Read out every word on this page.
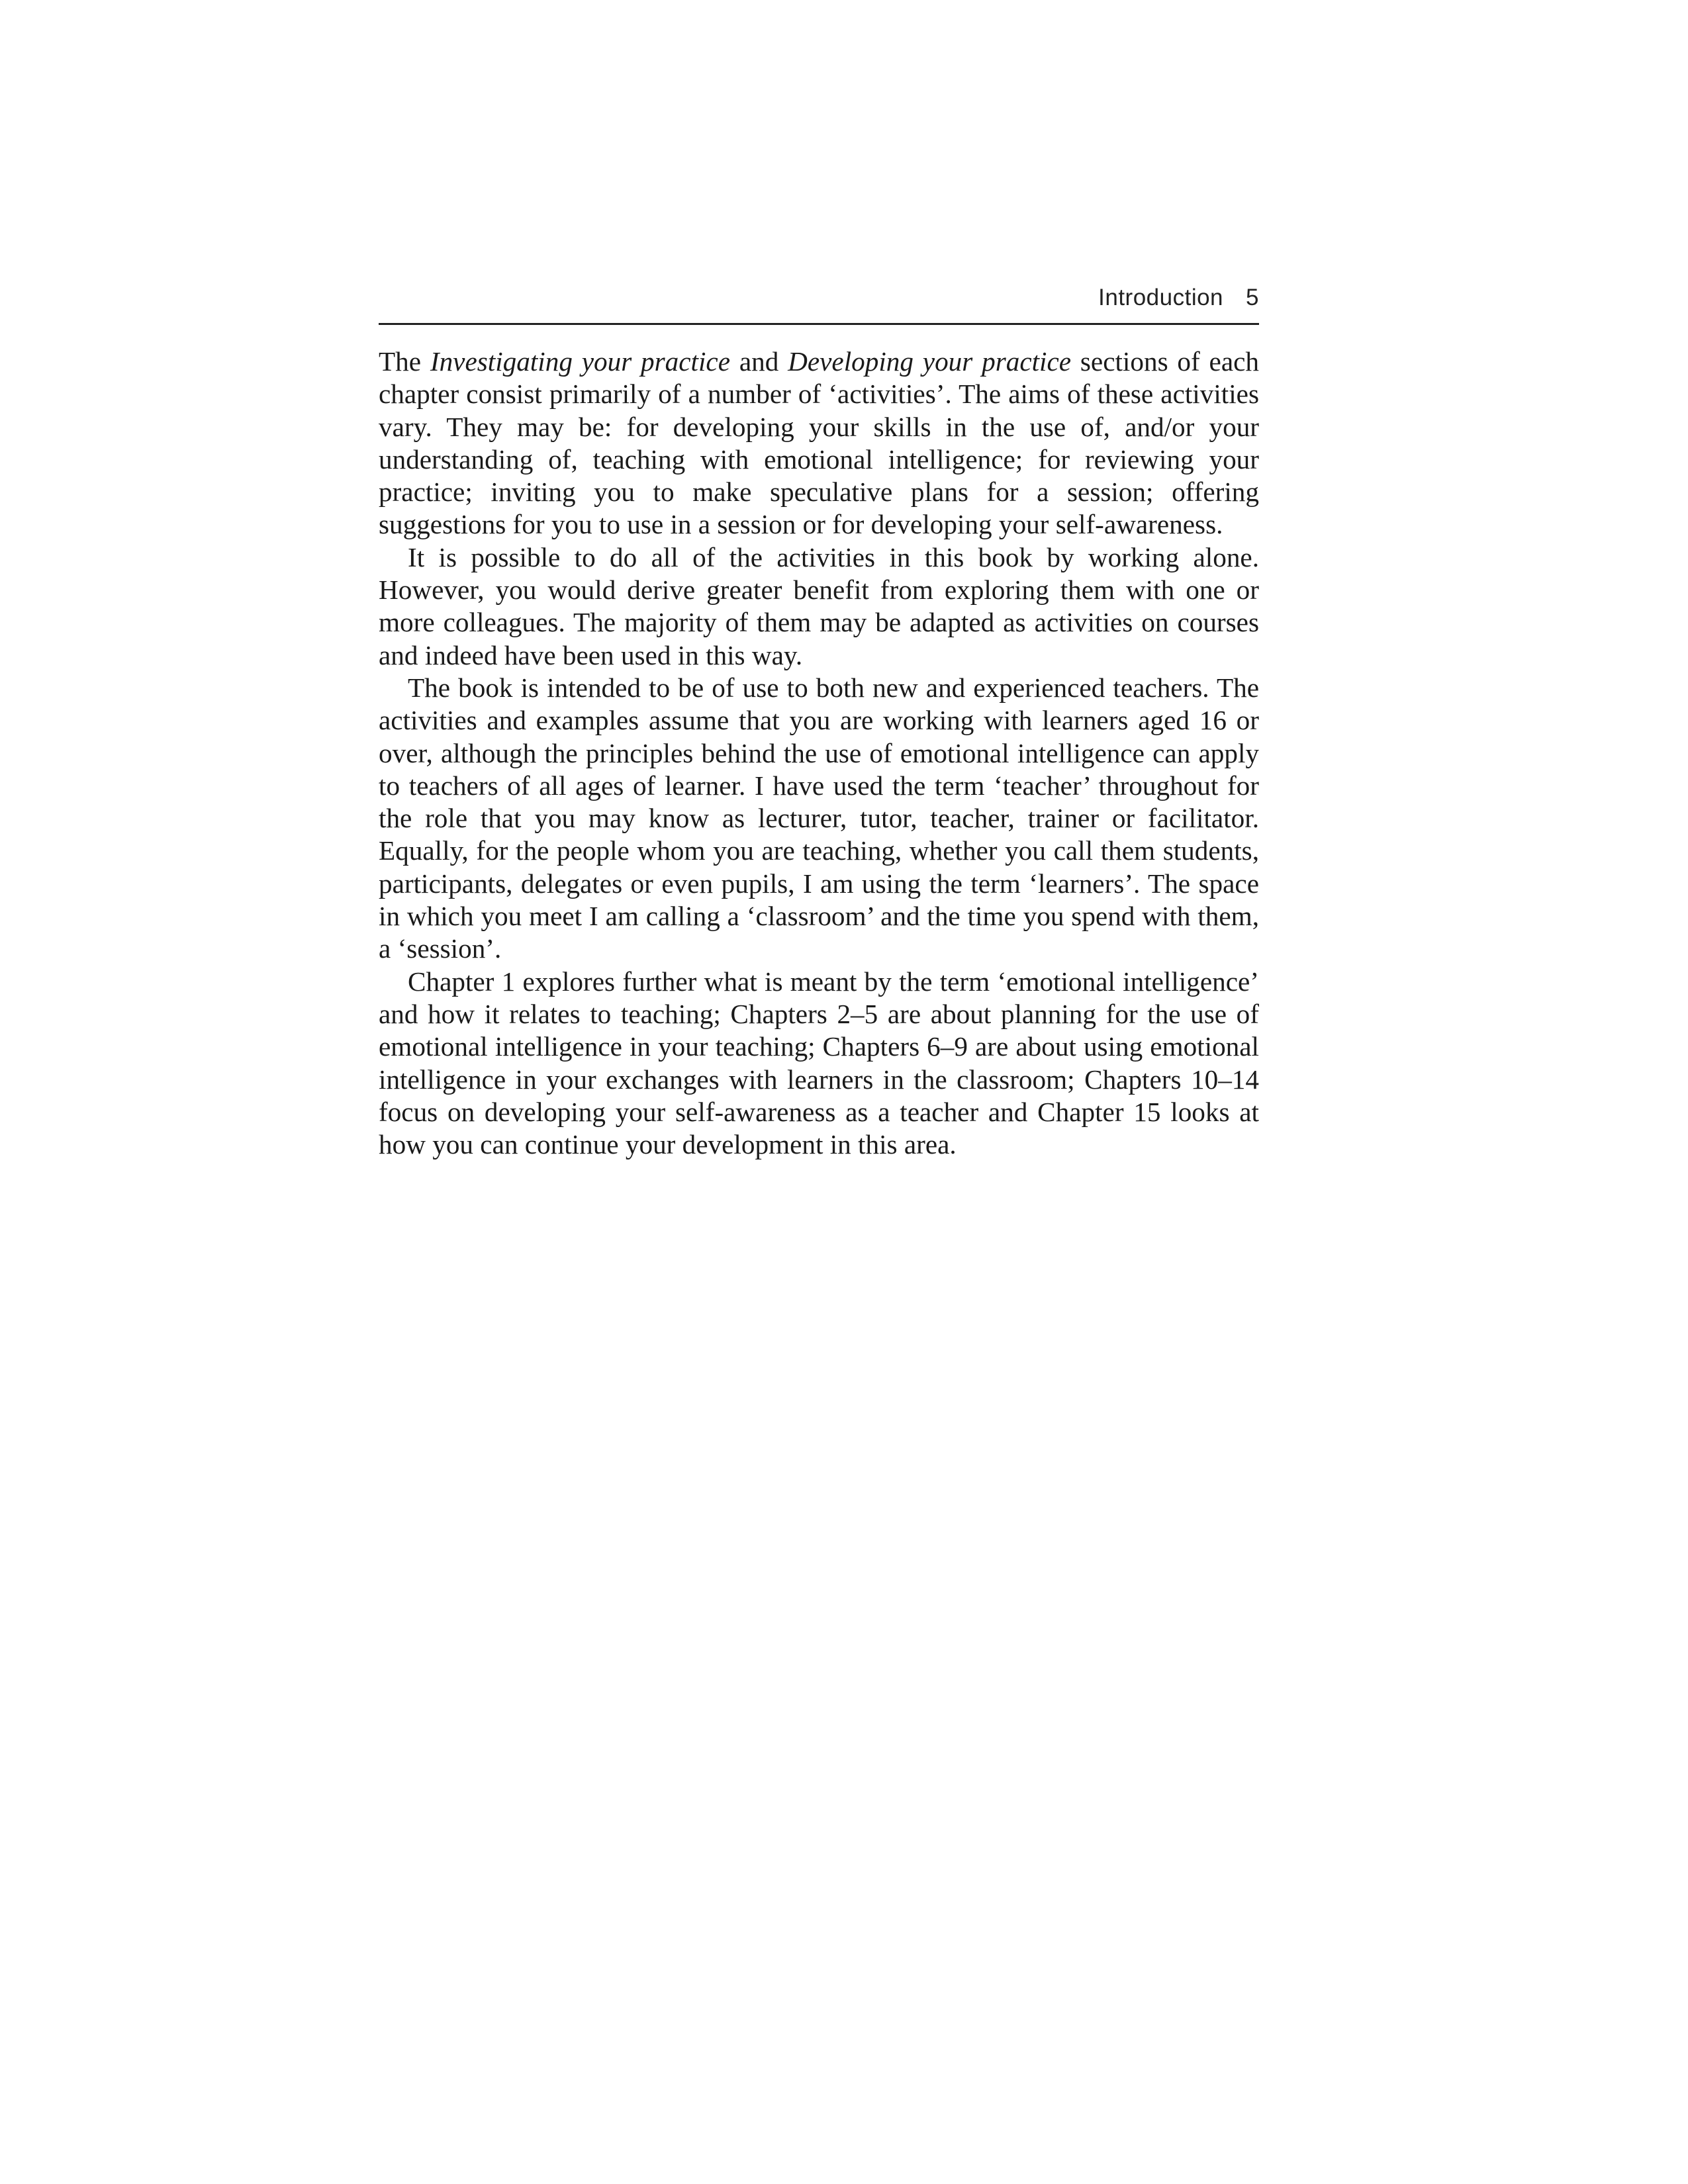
Introduction 5

The Investigating your practice and Developing your practice sections of each chapter consist primarily of a number of ‘activities’. The aims of these activities vary. They may be: for developing your skills in the use of, and/or your understanding of, teaching with emotional intelligence; for reviewing your practice; inviting you to make speculative plans for a session; offering suggestions for you to use in a session or for developing your self-awareness.

It is possible to do all of the activities in this book by working alone. However, you would derive greater benefit from exploring them with one or more colleagues. The majority of them may be adapted as activities on courses and indeed have been used in this way.

The book is intended to be of use to both new and experienced teachers. The activities and examples assume that you are working with learners aged 16 or over, although the principles behind the use of emotional intelligence can apply to teachers of all ages of learner. I have used the term ‘teacher’ throughout for the role that you may know as lecturer, tutor, teacher, trainer or facilitator. Equally, for the people whom you are teaching, whether you call them students, participants, delegates or even pupils, I am using the term ‘learners’. The space in which you meet I am calling a ‘classroom’ and the time you spend with them, a ‘session’.

Chapter 1 explores further what is meant by the term ‘emotional intelligence’ and how it relates to teaching; Chapters 2–5 are about planning for the use of emotional intelligence in your teaching; Chapters 6–9 are about using emotional intelligence in your exchanges with learners in the classroom; Chapters 10–14 focus on developing your self-awareness as a teacher and Chapter 15 looks at how you can continue your development in this area.
